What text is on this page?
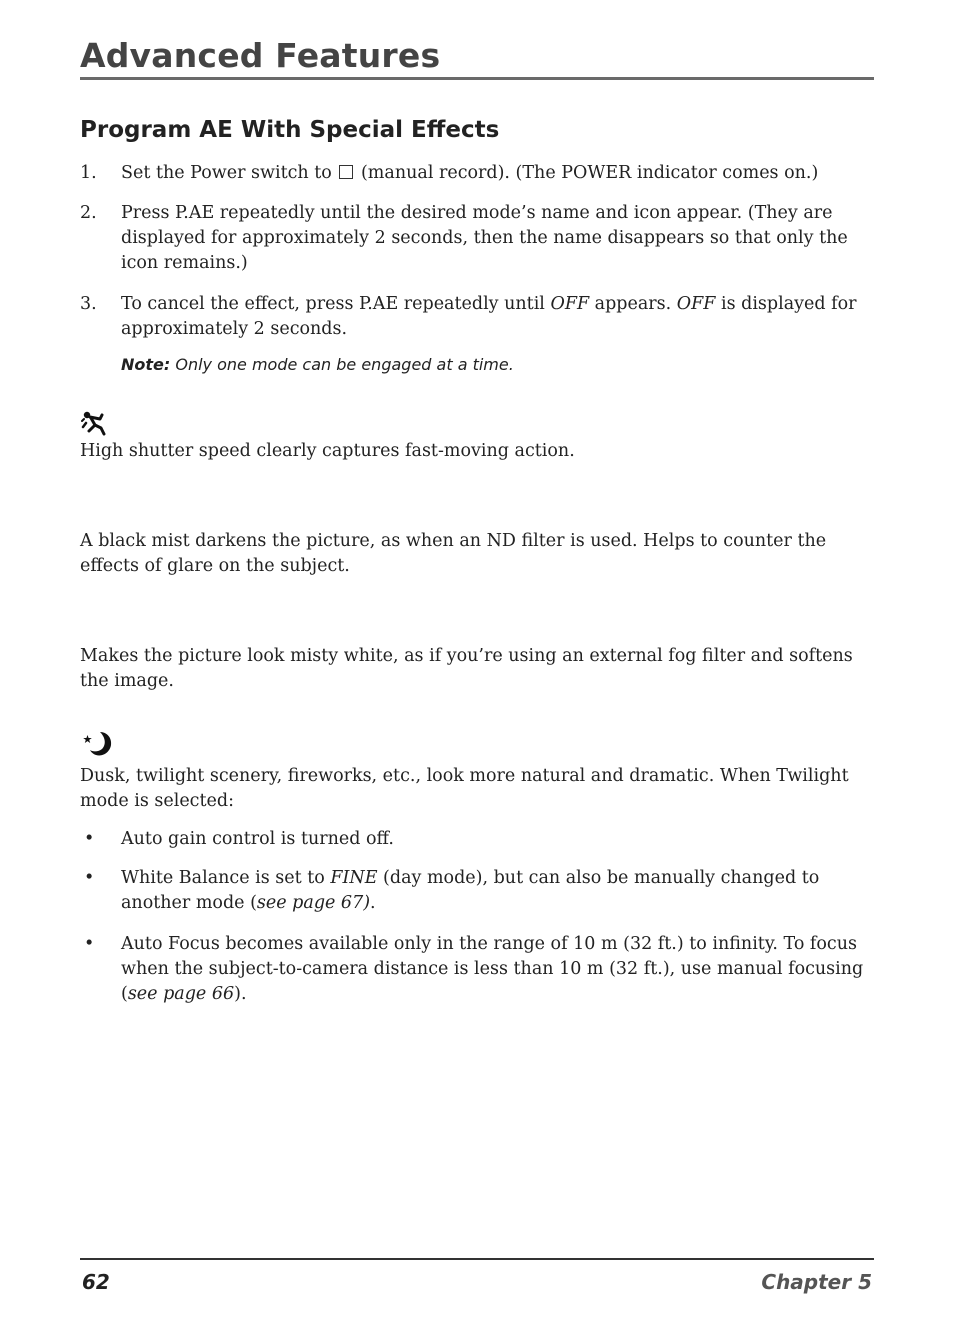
Advanced Features
Program AE With Special Effects
1.	Set the Power switch to (manual record). (The POWER indicator comes on.)
2.	Press P.AE repeatedly until the desired mode’s name and icon appear. (They are displayed for approximately 2 seconds, then the name disappears so that only the icon remains.)
3.	To cancel the effect, press P.AE repeatedly until OFF appears. OFF is displayed for approximately 2 seconds.
Note: Only one mode can be engaged at a time.
High shutter speed clearly captures fast-moving action.
A black mist darkens the picture, as when an ND filter is used. Helps to counter the effects of glare on the subject.
Makes the picture look misty white, as if you’re using an external fog filter and softens the image.
Dusk, twilight scenery, fireworks, etc., look more natural and dramatic. When Twilight mode is selected:
• Auto gain control is turned off.
• White Balance is set to FINE (day mode), but can also be manually changed to another mode (see page 67).
• Auto Focus becomes available only in the range of 10 m (32 ft.) to infinity. To focus when the subject-to-camera distance is less than 10 m (32 ft.), use manual focusing (see page 66).
62	Chapter 5
